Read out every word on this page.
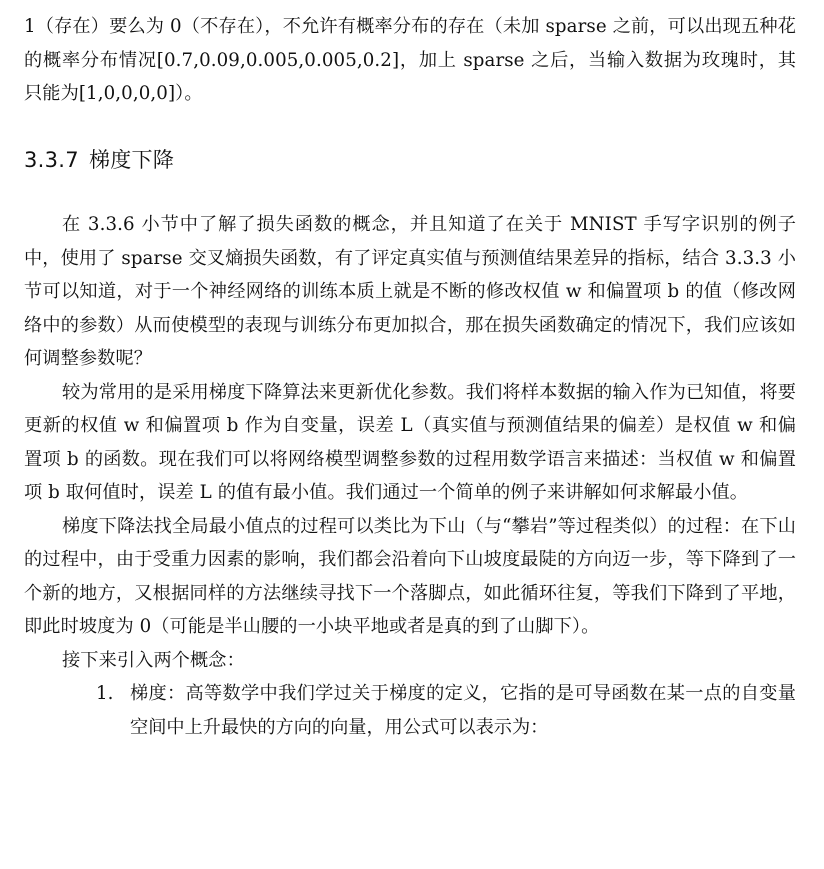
1（存在）要么为 0（不存在），不允许有概率分布的存在（未加 sparse 之前，可以出现五种花的概率分布情况[0.7,0.09,0.005,0.005,0.2]，加上 sparse 之后，当输入数据为玫瑰时，其只能为[1,0,0,0,0]）。

3.3.7 梯度下降

在 3.3.6 小节中了解了损失函数的概念，并且知道了在关于 MNIST 手写字识别的例子中，使用了 sparse 交叉熵损失函数，有了评定真实值与预测值结果差异的指标，结合 3.3.3 小节可以知道，对于一个神经网络的训练本质上就是不断的修改权值 w 和偏置项 b 的值（修改网络中的参数）从而使模型的表现与训练分布更加拟合，那在损失函数确定的情况下，我们应该如何调整参数呢？

较为常用的是采用梯度下降算法来更新优化参数。我们将样本数据的输入作为已知值，将要更新的权值 w 和偏置项 b 作为自变量，误差 L（真实值与预测值结果的偏差）是权值 w 和偏置项 b 的函数。现在我们可以将网络模型调整参数的过程用数学语言来描述：当权值 w 和偏置项 b 取何值时，误差 L 的值有最小值。我们通过一个简单的例子来讲解如何求解最小值。

梯度下降法找全局最小值点的过程可以类比为下山（与“攀岩”等过程类似）的过程：在下山的过程中，由于受重力因素的影响，我们都会沿着向下山坡度最陡的方向迈一步，等下降到了一个新的地方，又根据同样的方法继续寻找下一个落脚点，如此循环往复，等我们下降到了平地，即此时坡度为 0（可能是半山腰的一小块平地或者是真的到了山脚下）。

接下来引入两个概念：

1. 梯度：高等数学中我们学过关于梯度的定义，它指的是可导函数在某一点的自变量空间中上升最快的方向的向量，用公式可以表示为：
